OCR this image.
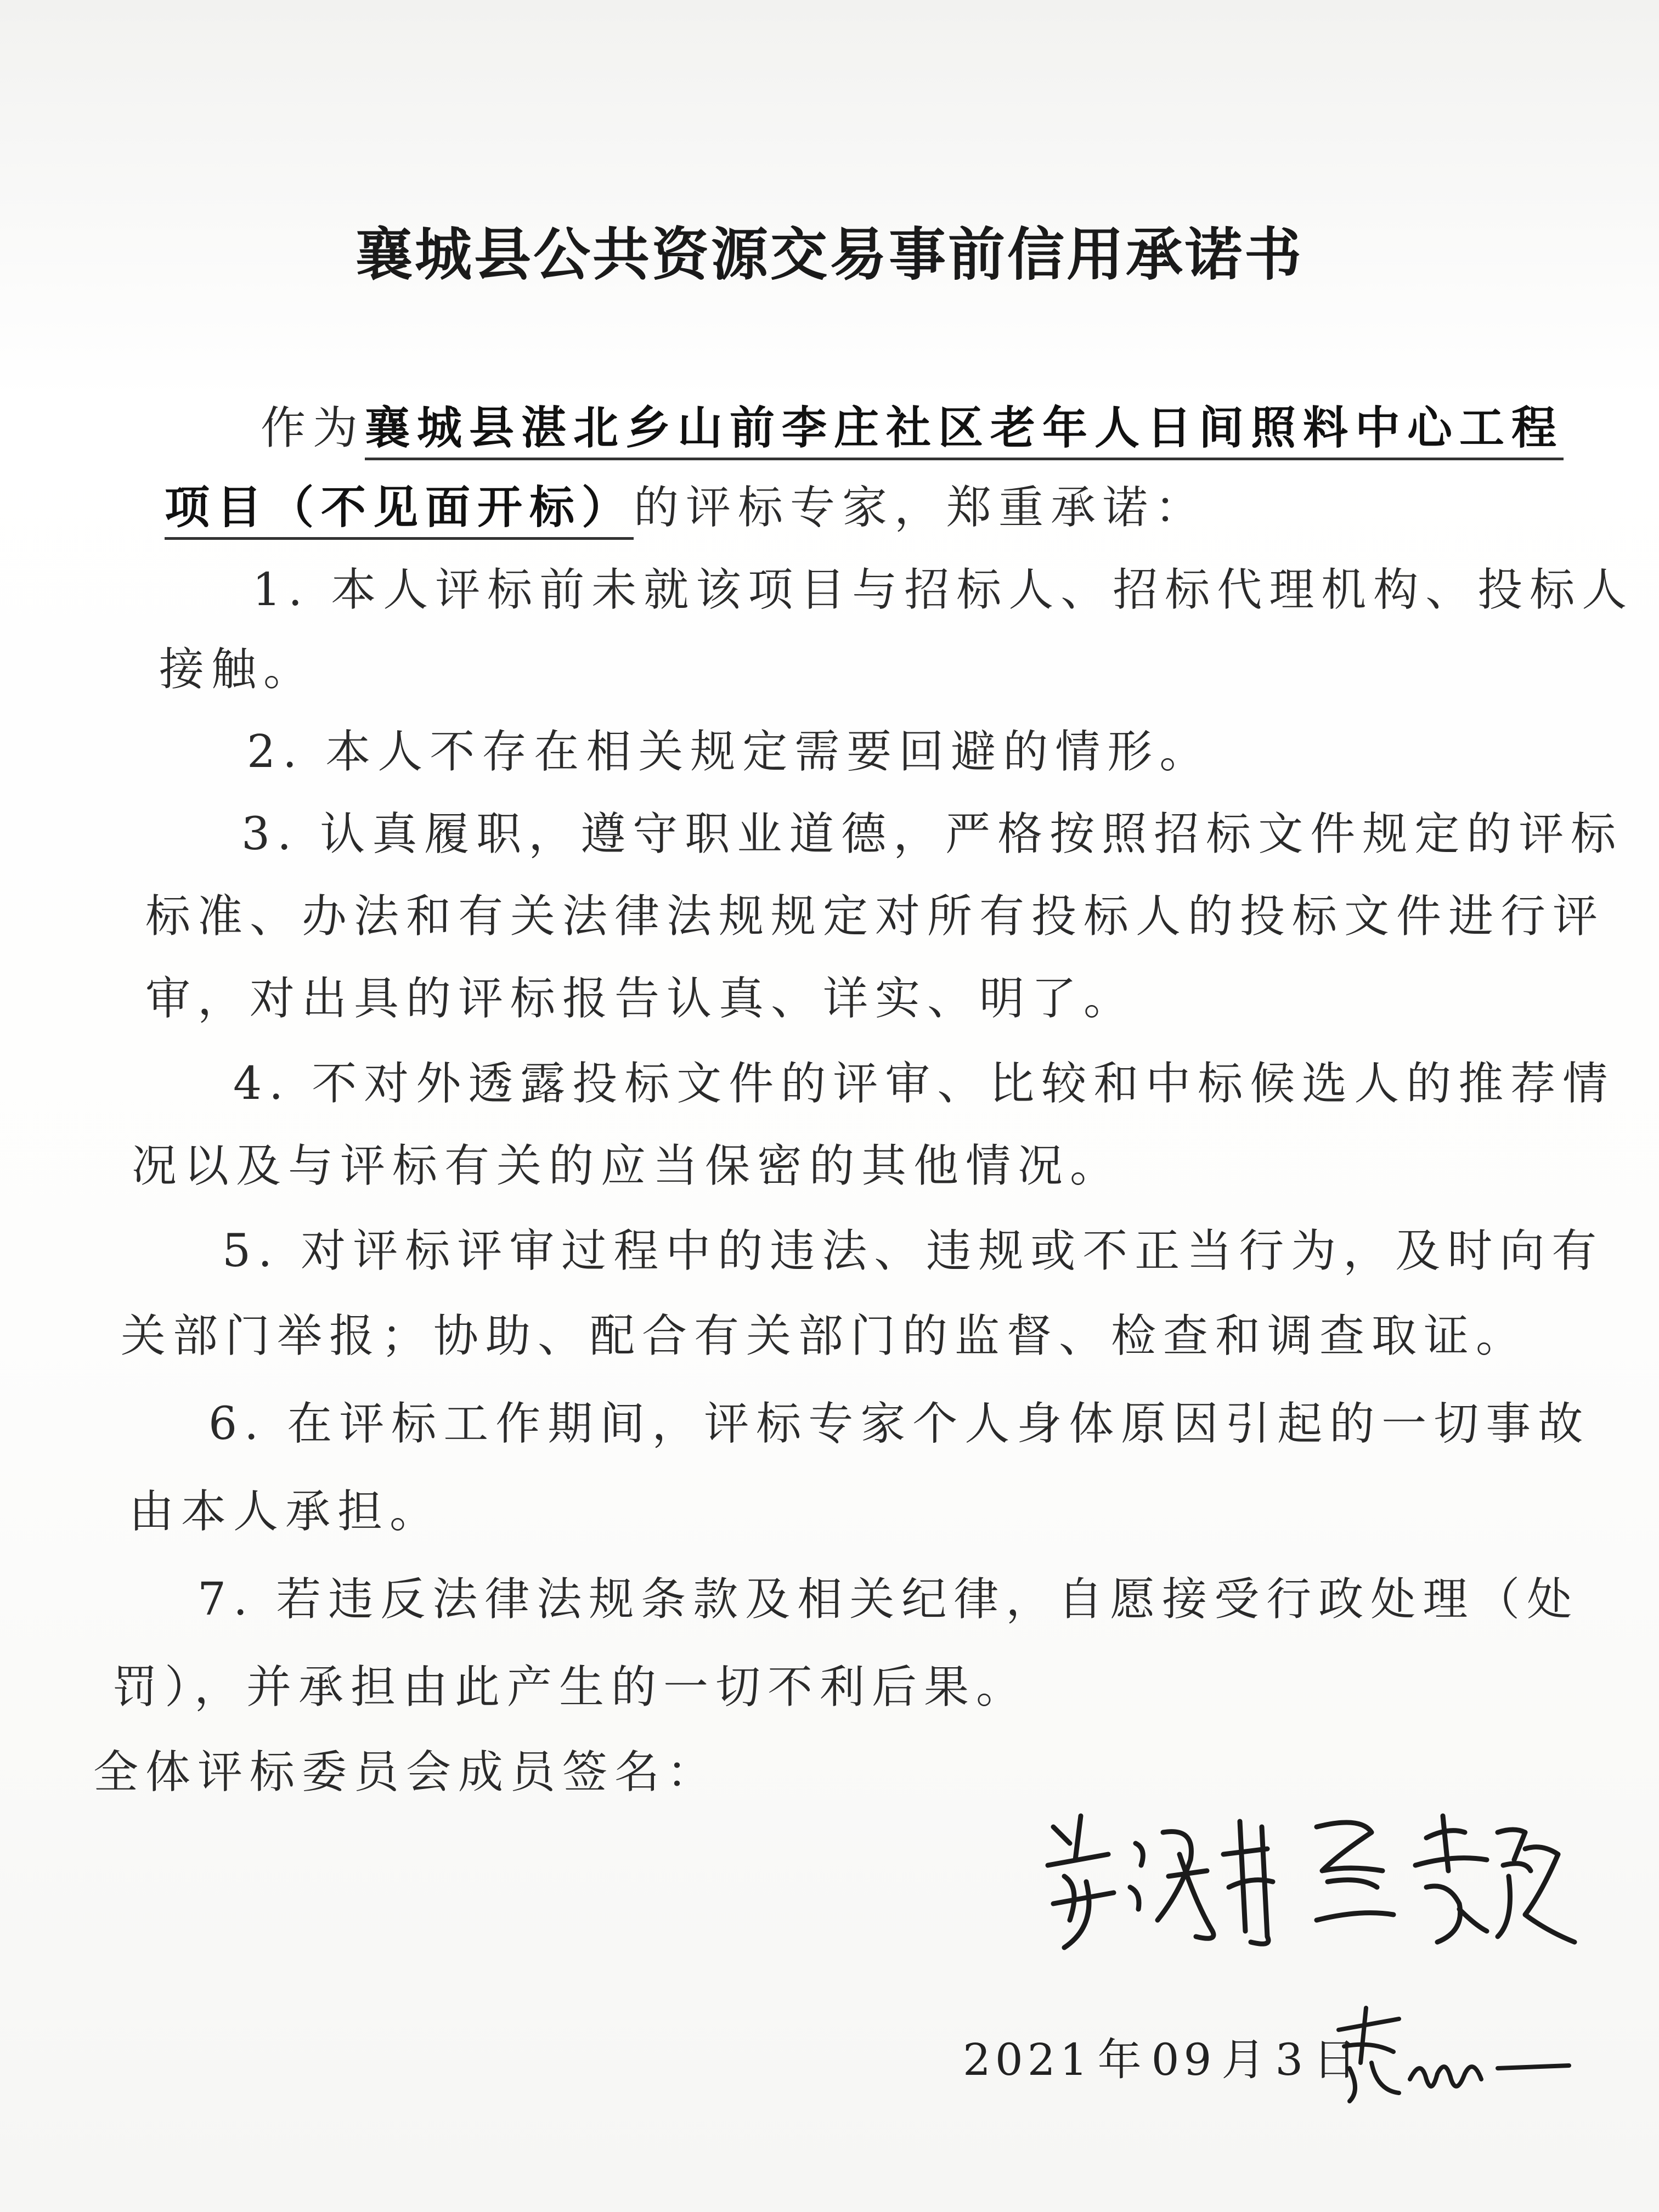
襄城县公共资源交易事前信用承诺书
作为襄城县湛北乡山前李庄社区老年人日间照料中心工程
项目（不见面开标）的评标专家，郑重承诺：
1. 本人评标前未就该项目与招标人、招标代理机构、投标人
接触。
2. 本人不存在相关规定需要回避的情形。
3. 认真履职，遵守职业道德，严格按照招标文件规定的评标
标准、办法和有关法律法规规定对所有投标人的投标文件进行评
审，对出具的评标报告认真、详实、明了。
4. 不对外透露投标文件的评审、比较和中标候选人的推荐情
况以及与评标有关的应当保密的其他情况。
5. 对评标评审过程中的违法、违规或不正当行为，及时向有
关部门举报；协助、配合有关部门的监督、检查和调查取证。
6. 在评标工作期间，评标专家个人身体原因引起的一切事故
由本人承担。
7. 若违反法律法规条款及相关纪律，自愿接受行政处理（处
罚），并承担由此产生的一切不利后果。
全体评标委员会成员签名：
2021 年 09 月 3 日
